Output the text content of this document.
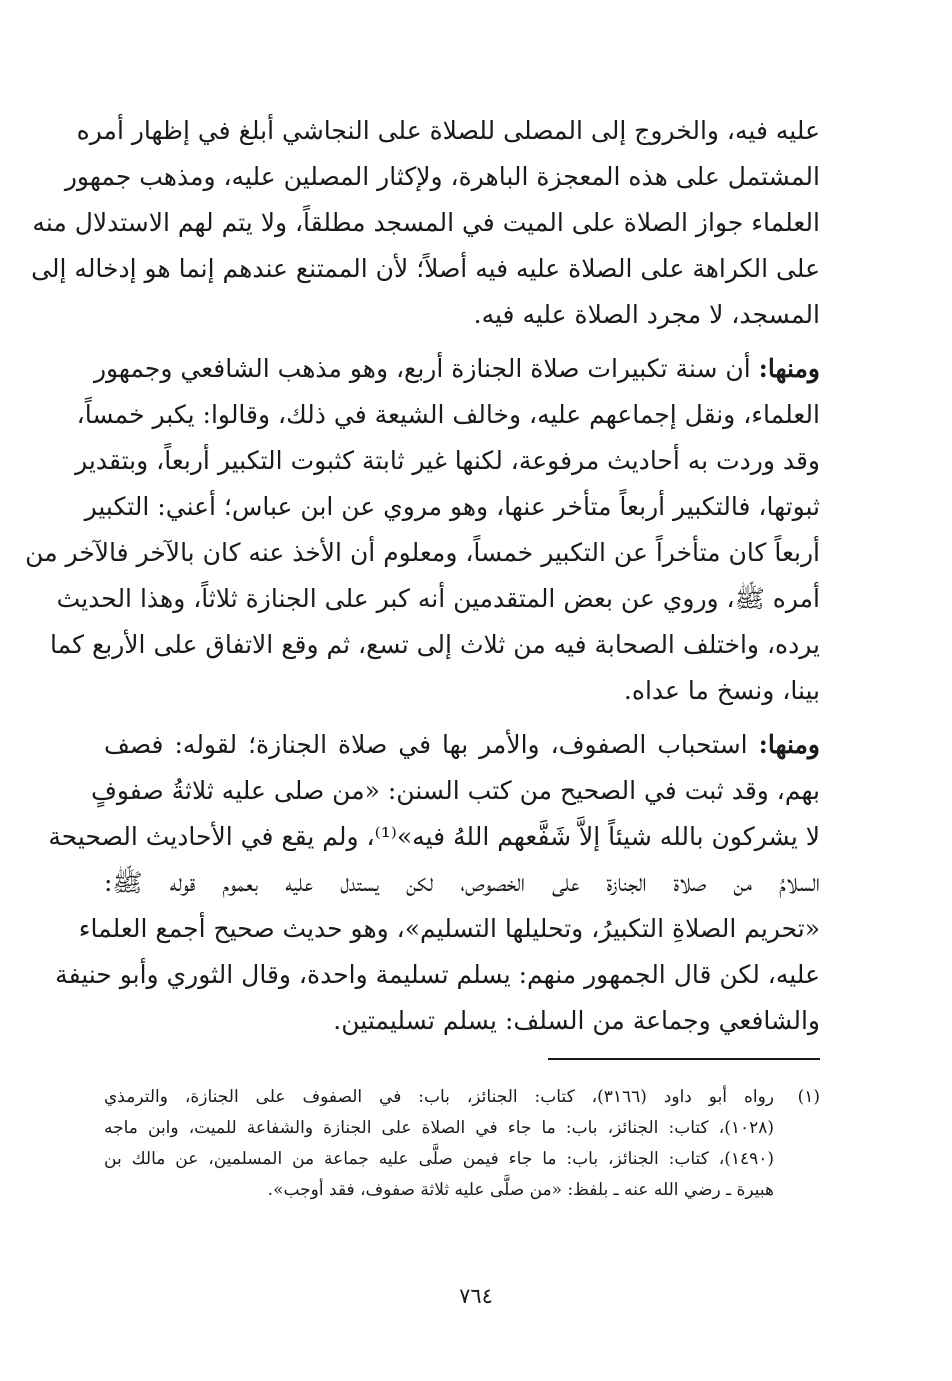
عليه فيه، والخروج إلى المصلى للصلاة على النجاشي أبلغ في إظهار أمره
المشتمل على هذه المعجزة الباهرة، ولإكثار المصلين عليه، ومذهب جمهور
العلماء جواز الصلاة على الميت في المسجد مطلقاً، ولا يتم لهم الاستدلال منه
على الكراهة على الصلاة عليه فيه أصلاً؛ لأن الممتنع عندهم إنما هو إدخاله إلى
المسجد، لا مجرد الصلاة عليه فيه.
ومنها: أن سنة تكبيرات صلاة الجنازة أربع، وهو مذهب الشافعي وجمهور
العلماء، ونقل إجماعهم عليه، وخالف الشيعة في ذلك، وقالوا: يكبر خمساً،
وقد وردت به أحاديث مرفوعة، لكنها غير ثابتة كثبوت التكبير أربعاً، وبتقدير
ثبوتها، فالتكبير أربعاً متأخر عنها، وهو مروي عن ابن عباس؛ أعني: التكبير
أربعاً كان متأخراً عن التكبير خمساً، ومعلوم أن الأخذ عنه كان بالآخر فالآخر من
أمره ﷺ، وروي عن بعض المتقدمين أنه كبر على الجنازة ثلاثاً، وهذا الحديث
يرده، واختلف الصحابة فيه من ثلاث إلى تسع، ثم وقع الاتفاق على الأربع كما
بينا، ونسخ ما عداه.
ومنها: استحباب الصفوف، والأمر بها في صلاة الجنازة؛ لقوله: فصف
بهم، وقد ثبت في الصحيح من كتب السنن: «من صلى عليه ثلاثةُ صفوفٍ
لا يشركون بالله شيئاً إلاَّ شَفَّعهم اللهُ فيه»⁽¹⁾، ولم يقع في الأحاديث الصحيحة
السلامُ من صلاة الجنازة على الخصوص، لكن يستدل عليه بعموم قوله ﷺ:
«تحريم الصلاةِ التكبيرُ، وتحليلها التسليم»، وهو حديث صحيح أجمع العلماء
عليه، لكن قال الجمهور منهم: يسلم تسليمة واحدة، وقال الثوري وأبو حنيفة
والشافعي وجماعة من السلف: يسلم تسليمتين.
(١)رواه أبو داود (٣١٦٦)، كتاب: الجنائز، باب: في الصفوف على الجنازة، والترمذي
(١٠٢٨)، كتاب: الجنائز، باب: ما جاء في الصلاة على الجنازة والشفاعة للميت، وابن ماجه
(١٤٩٠)، كتاب: الجنائز، باب: ما جاء فيمن صلَّى عليه جماعة من المسلمين، عن مالك بن
هبيرة ـ رضي الله عنه ـ بلفظ: «من صلَّى عليه ثلاثة صفوف، فقد أوجب».
٧٦٤
